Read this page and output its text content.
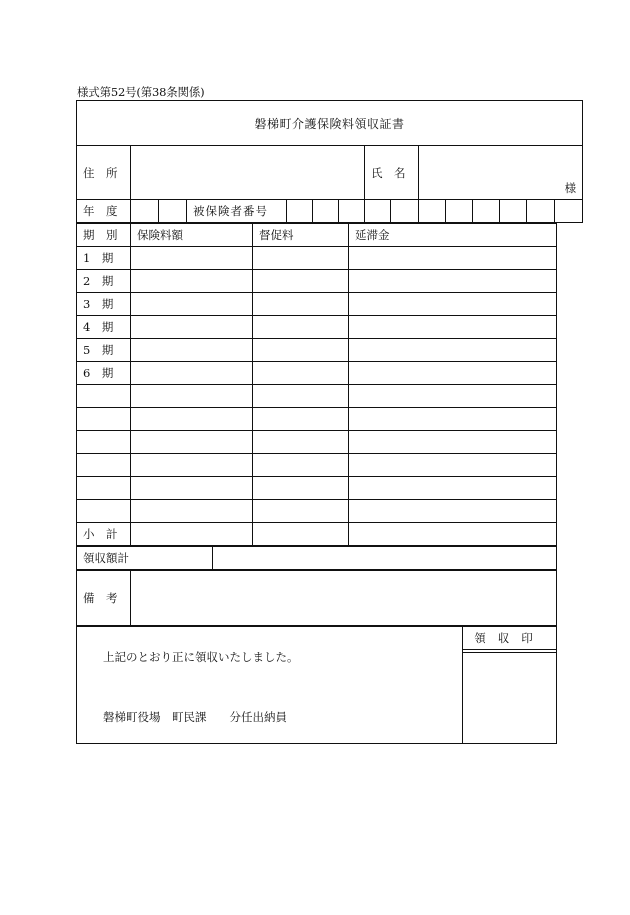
様式第52号(第38条関係)
磐梯町介護保険料領収証書														
住　所							氏　名		様					
年　度			被保険者番号											
期　別	保険料額	督促料	延滞金
1　期			
2　期			
3　期			
4　期			
5　期			
6　期			

小　計			
領収額計	
備　考	
上記のとおり正に領収いたしました。
磐梯町役場　町民課　　分任出納員

領収印
